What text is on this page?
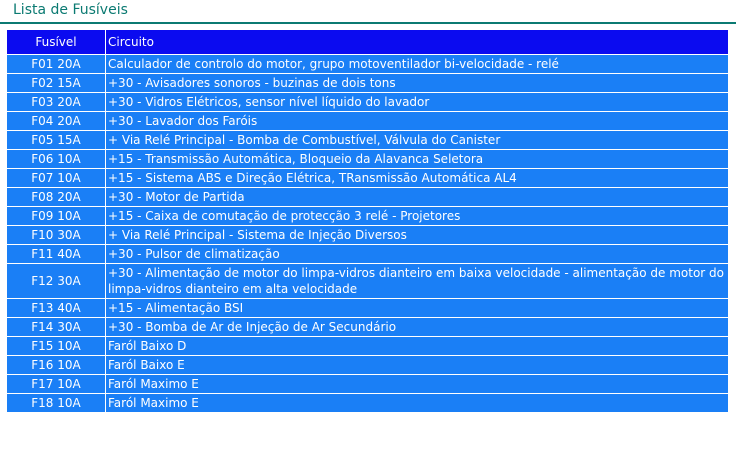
Lista de Fusíveis
Fusível	Circuito
F01 20A	Calculador de controlo do motor, grupo motoventilador bi-velocidade - relé
F02 15A	+30 - Avisadores sonoros - buzinas de dois tons
F03 20A	+30 - Vidros Elétricos, sensor nível líquido do lavador
F04 20A	+30 - Lavador dos Faróis
F05 15A	+ Via Relé Principal - Bomba de Combustível, Válvula do Canister
F06 10A	+15 - Transmissão Automática, Bloqueio da Alavanca Seletora
F07 10A	+15 - Sistema ABS e Direção Elétrica, TRansmissão Automática AL4
F08 20A	+30 - Motor de Partida
F09 10A	+15 - Caixa de comutação de protecção 3 relé - Projetores
F10 30A	+ Via Relé Principal - Sistema de Injeção Diversos
F11 40A	+30 - Pulsor de climatização
F12 30A	+30 - Alimentação de motor do limpa-vidros dianteiro em baixa velocidade - alimentação de motor do limpa-vidros dianteiro em alta velocidade
F13 40A	+15 - Alimentação BSI
F14 30A	+30 - Bomba de Ar de Injeção de Ar Secundário
F15 10A	Faról Baixo D
F16 10A	Faról Baixo E
F17 10A	Faról Maximo E
F18 10A	Faról Maximo E
